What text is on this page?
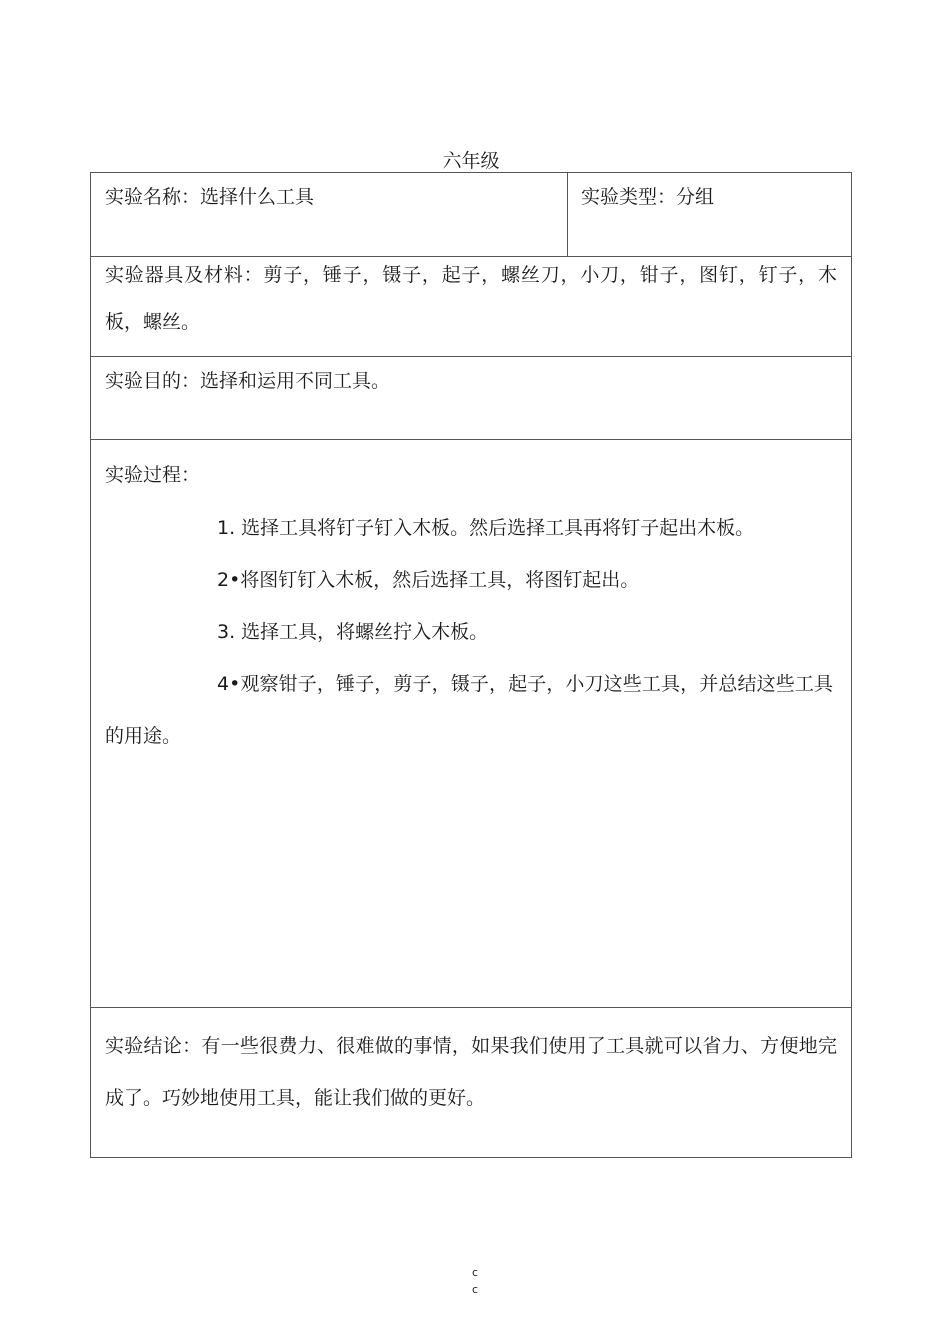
六年级
实验名称：选择什么工具	实验类型：分组
实验器具及材料：剪子，锤子，镊子，起子，螺丝刀，小刀，钳子，图钉，钉子，木板，螺丝。
实验目的：选择和运用不同工具。
实验过程：
1. 选择工具将钉子钉入木板。然后选择工具再将钉子起出木板。
2•将图钉钉入木板，然后选择工具，将图钉起出。
3. 选择工具，将螺丝拧入木板。
4•观察钳子，锤子，剪子，镊子，起子，小刀这些工具，并总结这些工具的用途。
实验结论：有一些很费力、很难做的事情，如果我们使用了工具就可以省力、方便地完成了。巧妙地使用工具，能让我们做的更好。
c
c
